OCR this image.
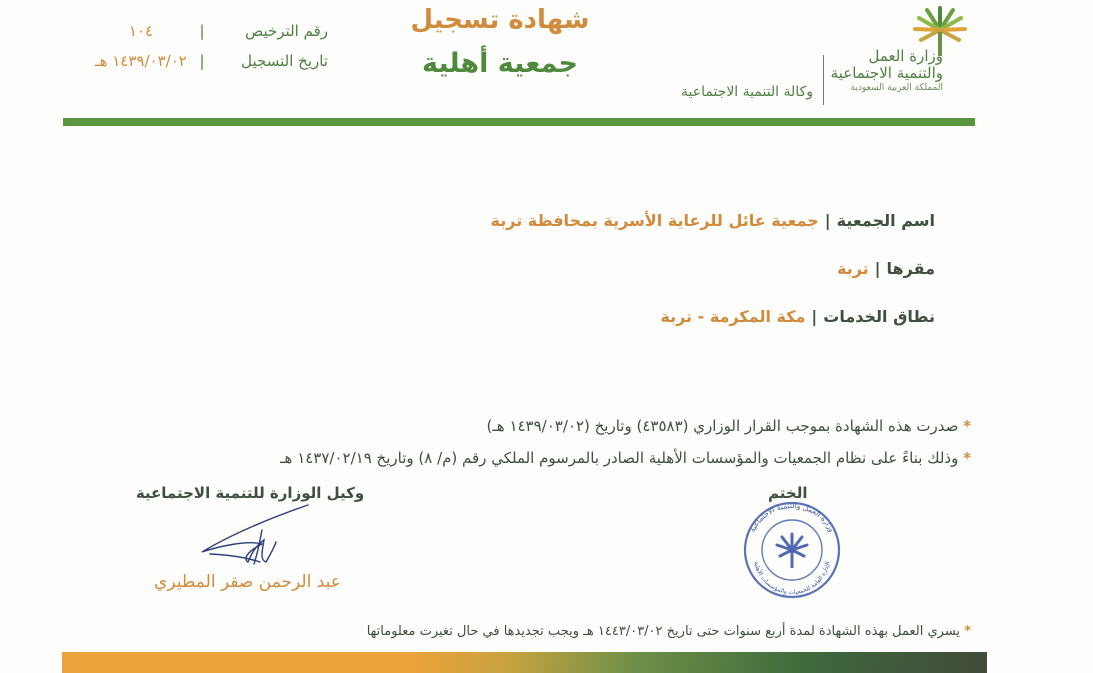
وزارة العمل
والتنمية الاجتماعية
المملكة العربية السعودية
وكالة التنمية الاجتماعية
شهادة تسجيل
جمعية أهلية
رقم الترخيص|١٠٤
تاريخ التسجيل|١٤٣٩/٠٣/٠٢ هـ
اسم الجمعية|جمعية عائل للرعاية الأسرية بمحافظة تربة
مقرها|تربة
نطاق الخدمات|مكة المكرمة - تربة
* صدرت هذه الشهادة بموجب القرار الوزاري (٤٣٥٨٣) وتاريخ (١٤٣٩/٠٣/٠٢ هـ)
* وذلك بناءً على نظام الجمعيات والمؤسسات الأهلية الصادر بالمرسوم الملكي رقم (م/ ٨) وتاريخ ١٤٣٧/٠٢/١٩ هـ
الختم
وزارة العمل والتنمية الاجتماعية
الإدارة العامة للجمعيات والمؤسسات الأهلية
وكيل الوزارة للتنمية الاجتماعية
عبد الرحمن صقر المطيري
* يسري العمل بهذه الشهادة لمدة أربع سنوات حتى تاريخ ١٤٤٣/٠٣/٠٢ هـ ويجب تجديدها في حال تغيرت معلوماتها
